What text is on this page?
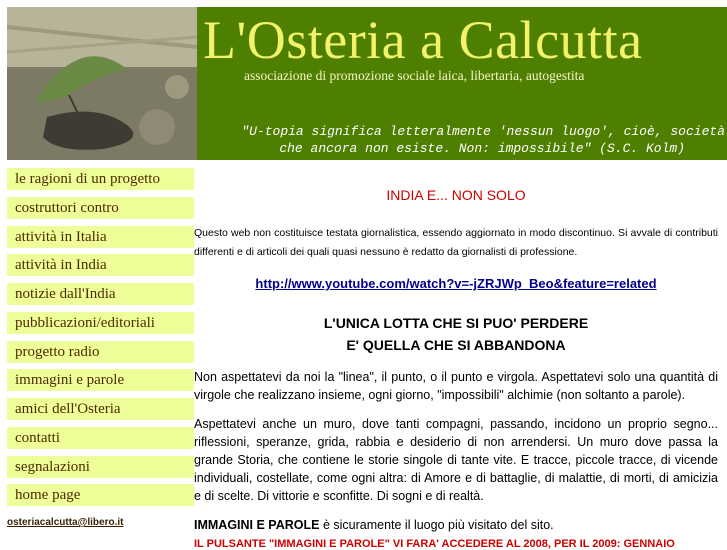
L'Osteria a Calcutta
associazione di promozione sociale laica, libertaria, autogestita
"U-topia significa letteralmente 'nessun luogo', cioè, società
che ancora non esiste. Non: impossibile" (S.C. Kolm)
le ragioni di un progetto
costruttori contro
attività in Italia
attività in India
notizie dall'India
pubblicazioni/editoriali
progetto radio
immagini e parole
amici dell'Osteria
contatti
segnalazioni
home page
osteriacalcutta@libero.it
INDIA E... NON SOLO
Questo web non costituisce testata giornalistica, essendo aggiornato in modo discontinuo. Si avvale di contributi differenti e di articoli dei quali quasi nessuno è redatto da giornalisti di professione.
http://www.youtube.com/watch?v=-jZRJWp_Beo&feature=related
L'UNICA LOTTA CHE SI PUO' PERDERE
E' QUELLA CHE SI ABBANDONA
Non aspettatevi da noi la "linea", il punto, o il punto e virgola. Aspettatevi solo una quantità di virgole che realizzano insieme, ogni giorno, "impossibili" alchimie (non soltanto a parole).
Aspettatevi anche un muro, dove tanti compagni, passando, incidono un proprio segno... riflessioni, speranze, grida, rabbia e desiderio di non arrendersi. Un muro dove passa la grande Storia, che contiene le storie singole di tante vite. E tracce, piccole tracce, di vicende individuali, costellate, come ogni altra: di Amore e di battaglie, di malattie, di morti, di amicizia e di scelte. Di vittorie e sconfitte. Di sogni e di realtà.
IMMAGINI E PAROLE è sicuramente il luogo più visitato del sito.
IL PULSANTE "IMMAGINI E PAROLE" VI FARA' ACCEDERE AL 2008, PER IL 2009: GENNAIO
